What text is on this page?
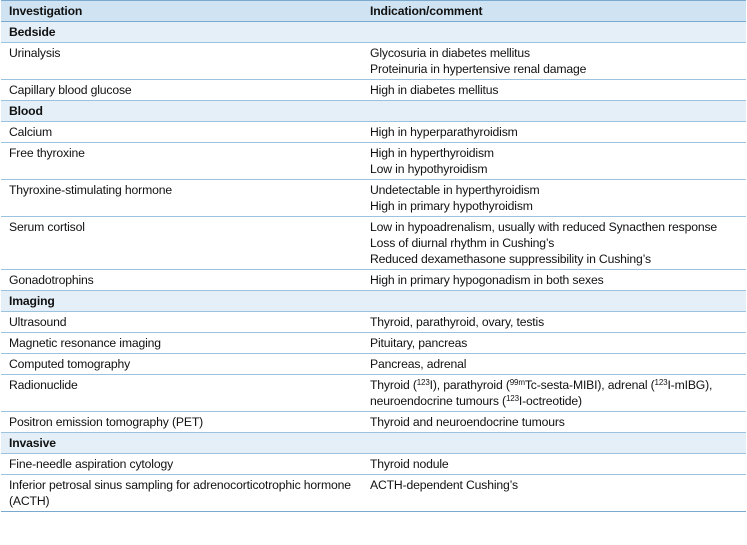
Investigation	Indication/comment
Bedside	
Urinalysis	Glycosuria in diabetes mellitus
Proteinuria in hypertensive renal damage

Capillary blood glucose	High in diabetes mellitus

Blood	
Calcium	High in hyperparathyroidism

Free thyroxine	High in hyperthyroidism
Low in hypothyroidism

Thyroxine-stimulating hormone	Undetectable in hyperthyroidism
High in primary hypothyroidism

Serum cortisol	Low in hypoadrenalism, usually with reduced Synacthen response
Loss of diurnal rhythm in Cushing’s
Reduced dexamethasone suppressibility in Cushing’s

Gonadotrophins	High in primary hypogonadism in both sexes

Imaging	
Ultrasound	Thyroid, parathyroid, ovary, testis

Magnetic resonance imaging	Pituitary, pancreas

Computed tomography	Pancreas, adrenal

Radionuclide	Thyroid ($^{123}$I), parathyroid ($^{99m}$Tc-sesta-MIBI), adrenal ($^{123}$I-mIBG),
neuroendocrine tumours ($^{123}$I-octreotide)

Positron emission tomography (PET)	Thyroid and neuroendocrine tumours

Invasive	
Fine-needle aspiration cytology	Thyroid nodule

Inferior petrosal sinus sampling for adrenocorticotrophic hormone (ACTH)	ACTH-dependent Cushing’s
